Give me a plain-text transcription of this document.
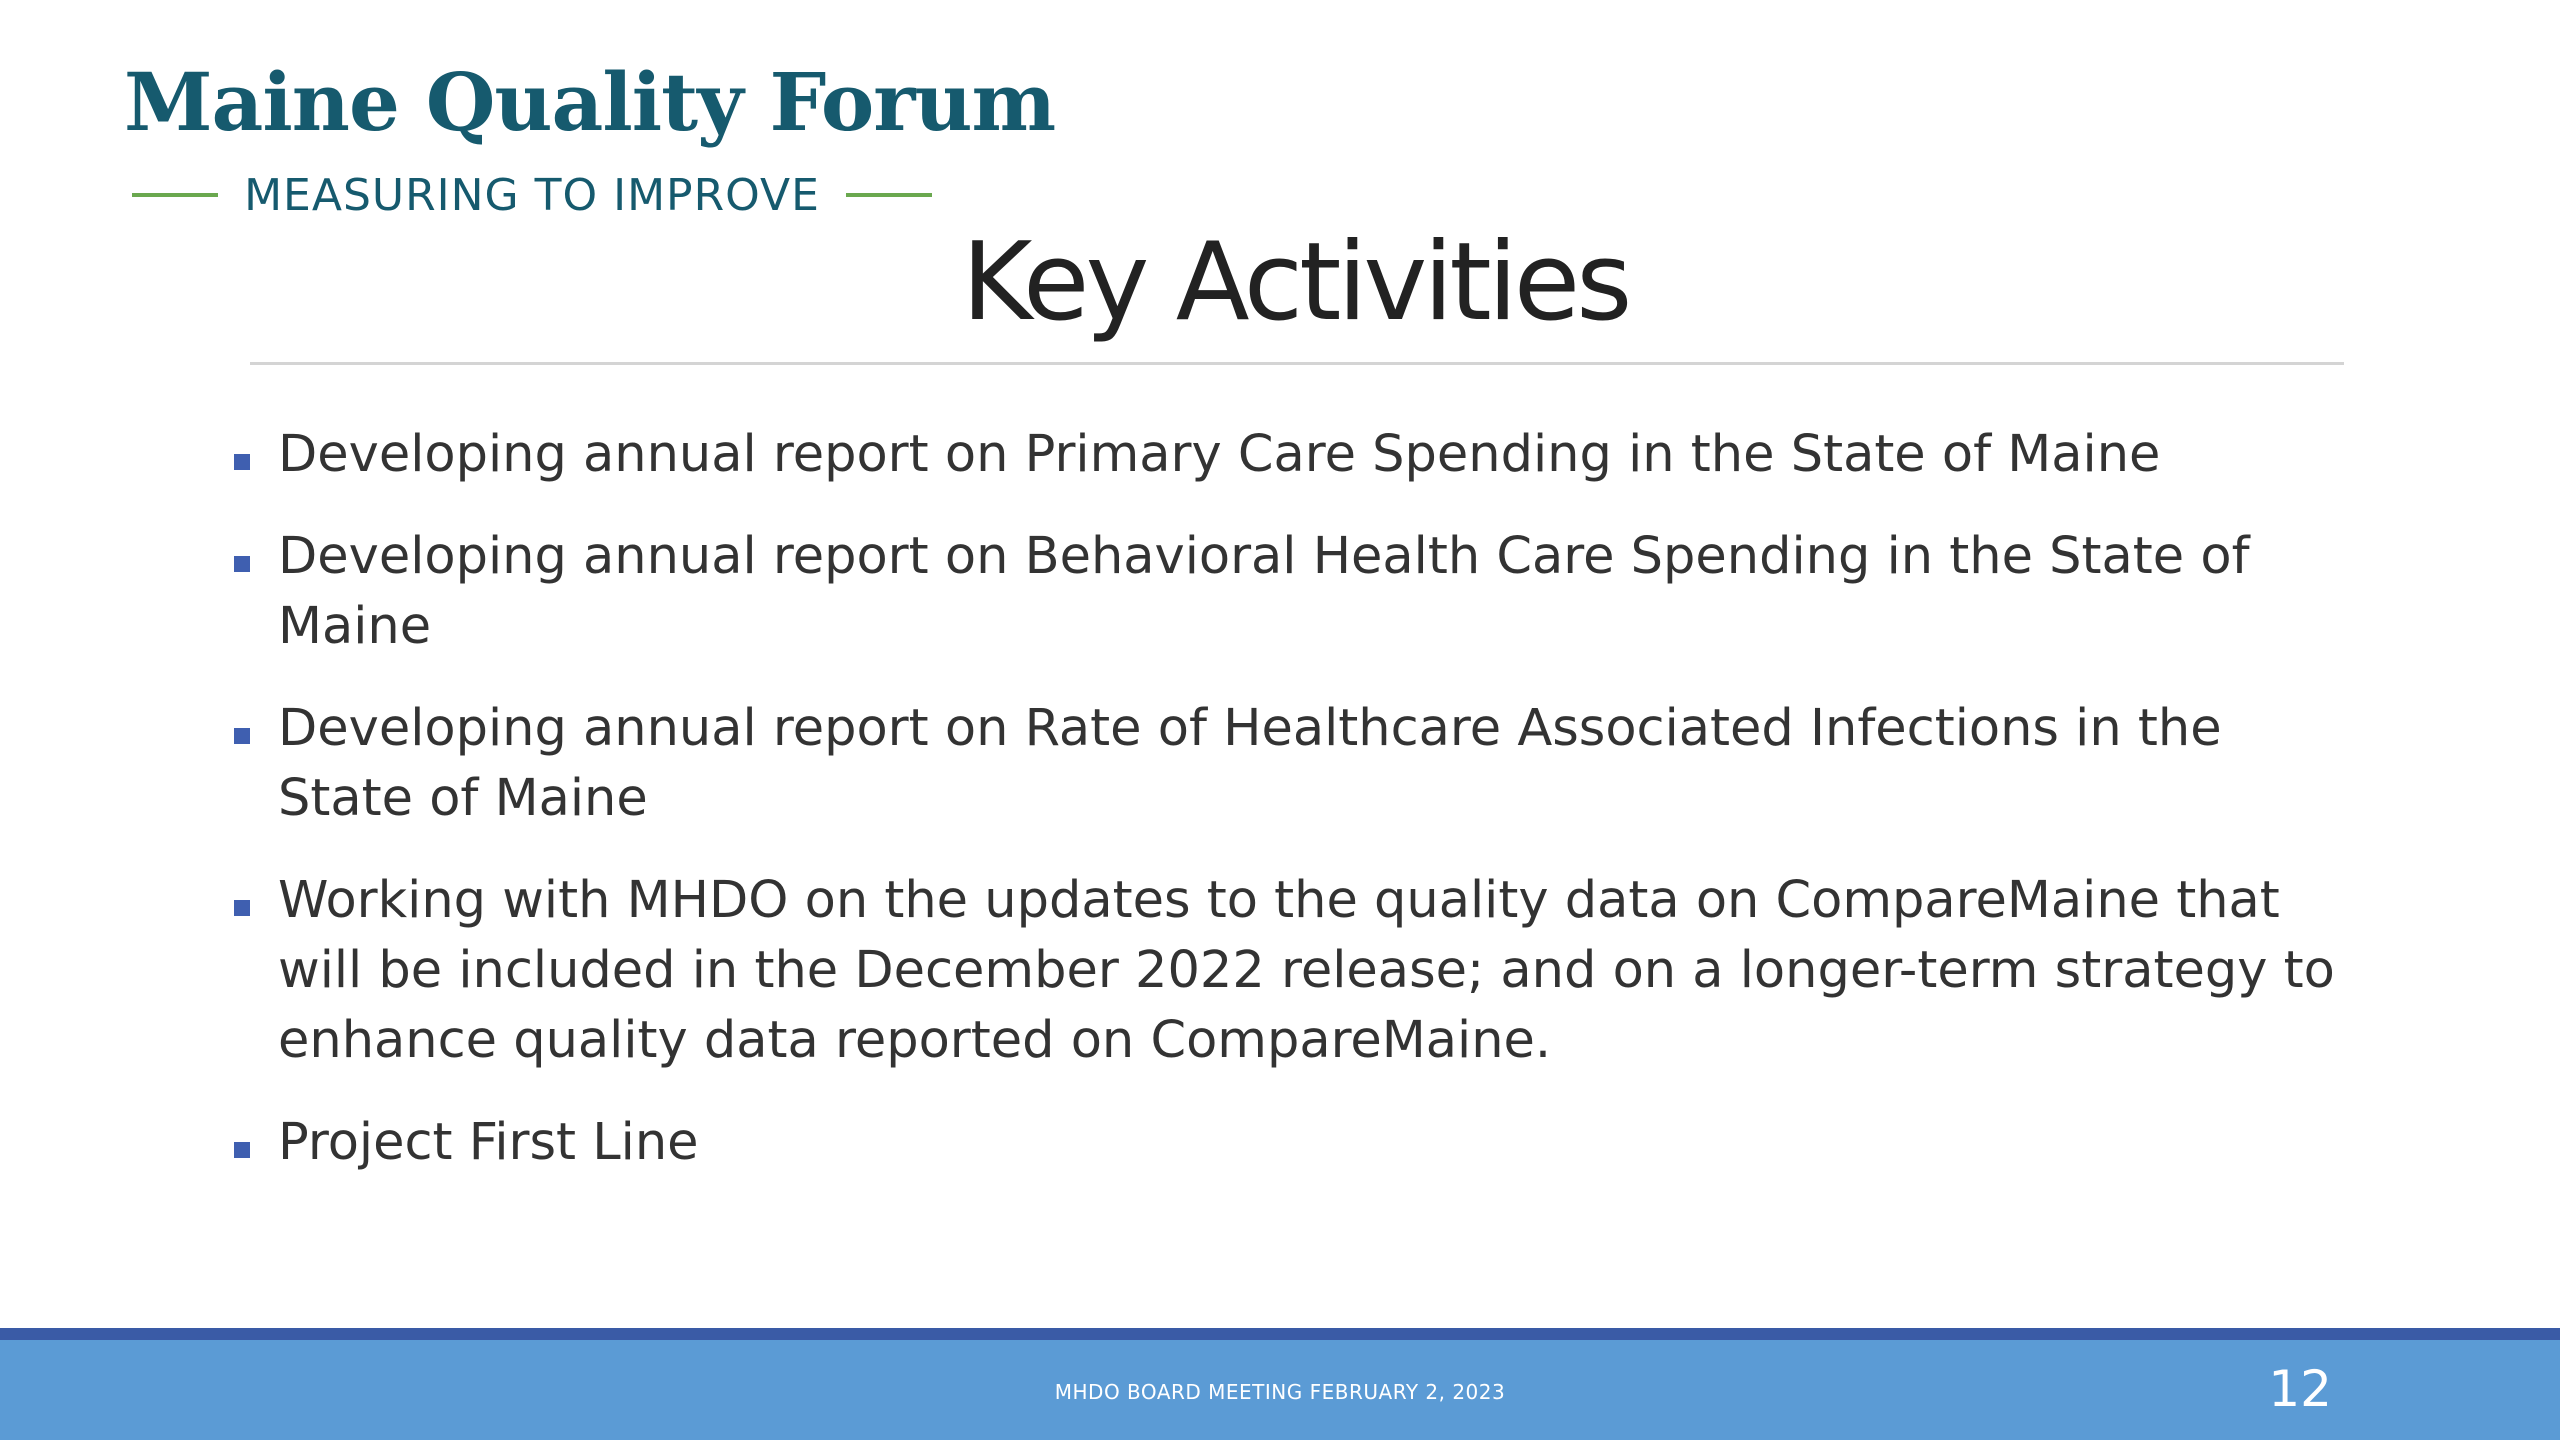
Maine Quality Forum
MEASURING TO IMPROVE
Key Activities
Developing annual report on Primary Care Spending in the State of Maine
Developing annual report on Behavioral Health Care Spending in the State of Maine
Developing annual report on Rate of Healthcare Associated Infections in the State of Maine
Working with MHDO on the updates to the quality data on CompareMaine that will be included in the December 2022 release; and on a longer-term strategy to enhance quality data reported on CompareMaine.
Project First Line
MHDO BOARD MEETING FEBRUARY 2, 2023	12
